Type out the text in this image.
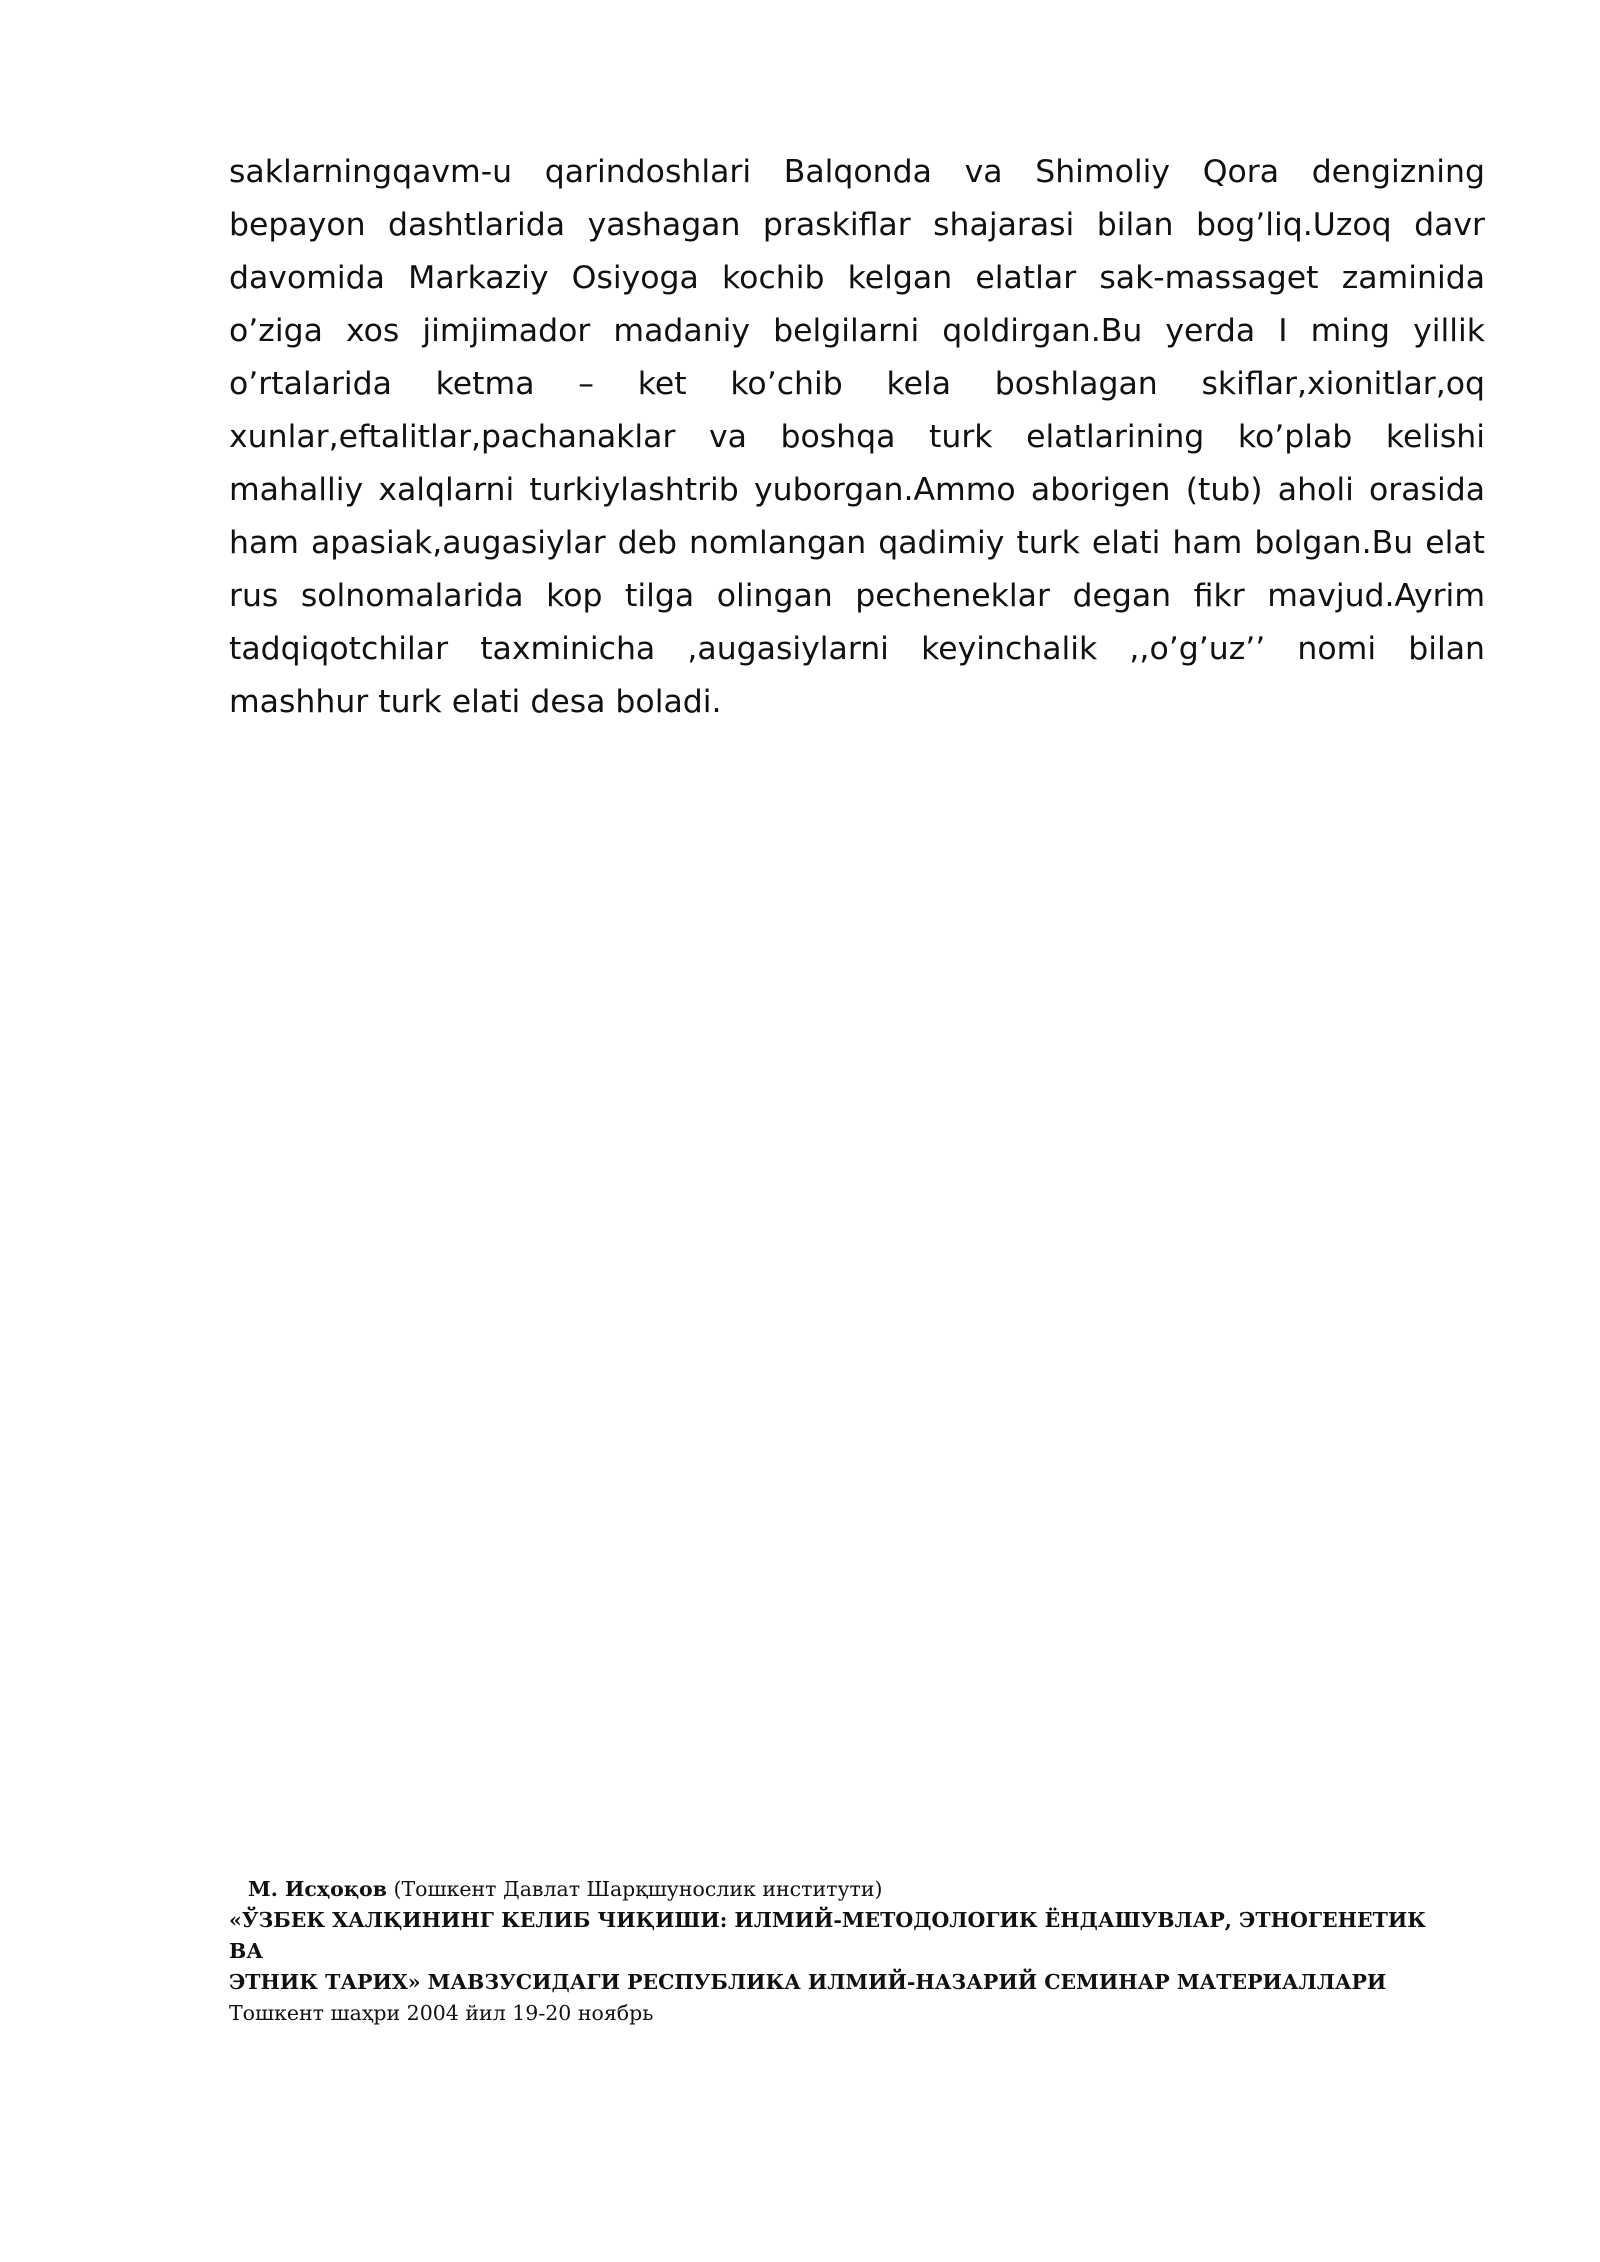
saklarningqavm-u qarindoshlari Balqonda va Shimoliy Qora dengizning bepayon dashtlarida yashagan praskiflar shajarasi bilan bog’liq.Uzoq davr davomida Markaziy Osiyoga kochib kelgan elatlar sak-massaget zaminida o’ziga xos jimjimador madaniy belgilarni qoldirgan.Bu yerda I ming yillik o’rtalarida ketma – ket ko’chib kela boshlagan skiflar,xionitlar,oq xunlar,eftalitlar,pachanaklar va boshqa turk elatlarining ko’plab kelishi mahalliy xalqlarni turkiylashtrib yuborgan.Ammo aborigen (tub) aholi orasida ham apasiak,augasiylar deb nomlangan qadimiy turk elati ham bolgan.Bu elat rus solnomalarida kop tilga olingan pecheneklar degan fikr mavjud.Ayrim tadqiqotchilar taxminicha ,augasiylarni keyinchalik ,,o’g’uz’’ nomi bilan mashhur turk elati desa boladi.

М. Исҳоқов (Тошкент Давлат Шарқшунослик институти)
«ЎЗБЕК ХАЛҚИНИНГ КЕЛИБ ЧИҚИШИ: ИЛМИЙ-МЕТОДОЛОГИК ЁНДАШУВЛАР, ЭТНОГЕНЕТИК ВА
ЭТНИК ТАРИХ» МАВЗУСИДАГИ РЕСПУБЛИКА ИЛМИЙ-НАЗАРИЙ СЕМИНАР МАТЕРИАЛЛАРИ
Тошкент шаҳри 2004 йил 19-20 ноябрь
